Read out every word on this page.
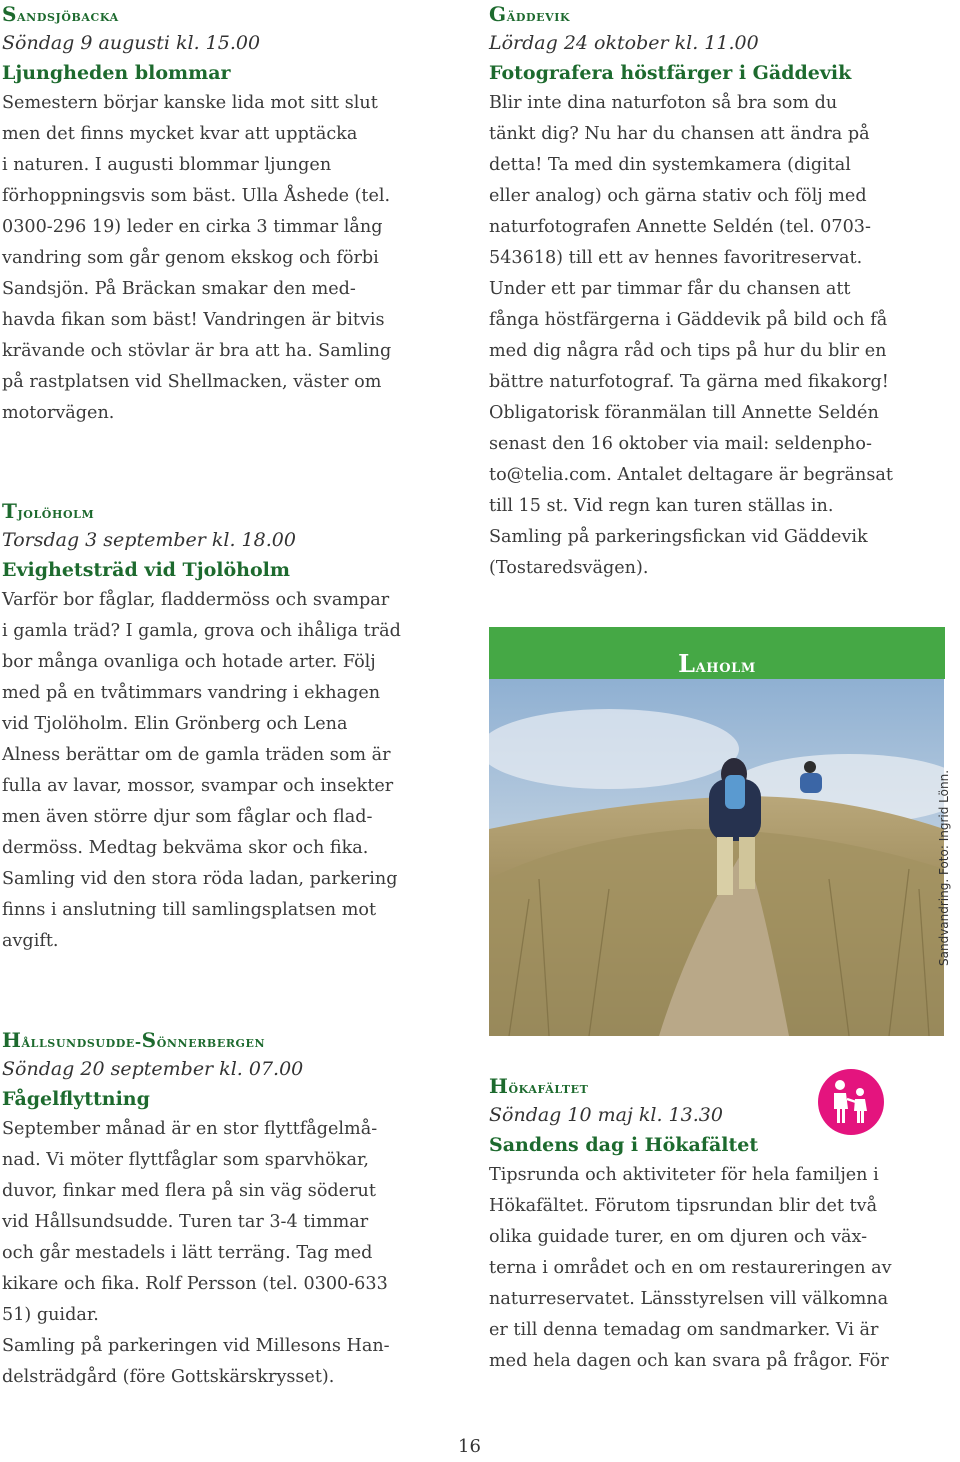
Sandsjöbacka
Söndag 9 augusti kl. 15.00
Ljungheden blommar

Semestern börjar kanske lida mot sitt slut

men det finns mycket kvar att upptäcka

i naturen. I augusti blommar ljungen

förhoppningsvis som bäst. Ulla Åshede (tel.

0300-296 19) leder en cirka 3 timmar lång

vandring som går genom ekskog och förbi

Sandsjön. På Bräckan smakar den med-

havda fikan som bäst! Vandringen är bitvis

krävande och stövlar är bra att ha. Samling

på rastplatsen vid Shellmacken, väster om

motorvägen.

Tjolöholm
Torsdag 3 september kl. 18.00
Evighetsträd vid Tjolöholm

Varför bor fåglar, fladdermöss och svampar

i gamla träd? I gamla, grova och ihåliga träd

bor många ovanliga och hotade arter. Följ

med på en tvåtimmars vandring i ekhagen

vid Tjolöholm. Elin Grönberg och Lena

Alness berättar om de gamla träden som är

fulla av lavar, mossor, svampar och insekter

men även större djur som fåglar och flad-

dermöss. Medtag bekväma skor och fika.

Samling vid den stora röda ladan, parkering

finns i anslutning till samlingsplatsen mot

avgift.

Hållsundsudde-Sönnerbergen
Söndag 20 september kl. 07.00
Fågelflyttning

September månad är en stor flyttfågelmå-

nad. Vi möter flyttfåglar som sparvhökar,

duvor, finkar med flera på sin väg söderut

vid Hållsundsudde. Turen tar 3-4 timmar

och går mestadels i lätt terräng. Tag med

kikare och fika. Rolf Persson (tel. 0300-633

51) guidar.

Samling på parkeringen vid Millesons Han-

delsträdgård (före Gottskärskrysset).

Gäddevik
Lördag 24 oktober kl. 11.00
Fotografera höstfärger i Gäddevik

Blir inte dina naturfoton så bra som du

tänkt dig? Nu har du chansen att ändra på

detta! Ta med din systemkamera (digital

eller analog) och gärna stativ och följ med

naturfotografen Annette Seldén (tel. 0703-

543618) till ett av hennes favoritreservat.

Under ett par timmar får du chansen att

fånga höstfärgerna i Gäddevik på bild och få

med dig några råd och tips på hur du blir en

bättre naturfotograf. Ta gärna med fikakorg!

Obligatorisk föranmälan till Annette Seldén

senast den 16 oktober via mail: seldenpho-

to@telia.com. Antalet deltagare är begränsat

till 15 st. Vid regn kan turen ställas in.

Samling på parkeringsfickan vid Gäddevik

(Tostaredsvägen).

Hökafältet
Söndag 10 maj kl. 13.30
Sandens dag i Hökafältet

Tipsrunda och aktiviteter för hela familjen i

Hökafältet. Förutom tipsrundan blir det två

olika guidade turer, en om djuren och väx-

terna i området och en om restaureringen av

naturreservatet. Länsstyrelsen vill välkomna

er till denna temadag om sandmarker. Vi är

med hela dagen och kan svara på frågor. För

Laholm
Sandvandring. Foto: Ingrid Lönn.
16
